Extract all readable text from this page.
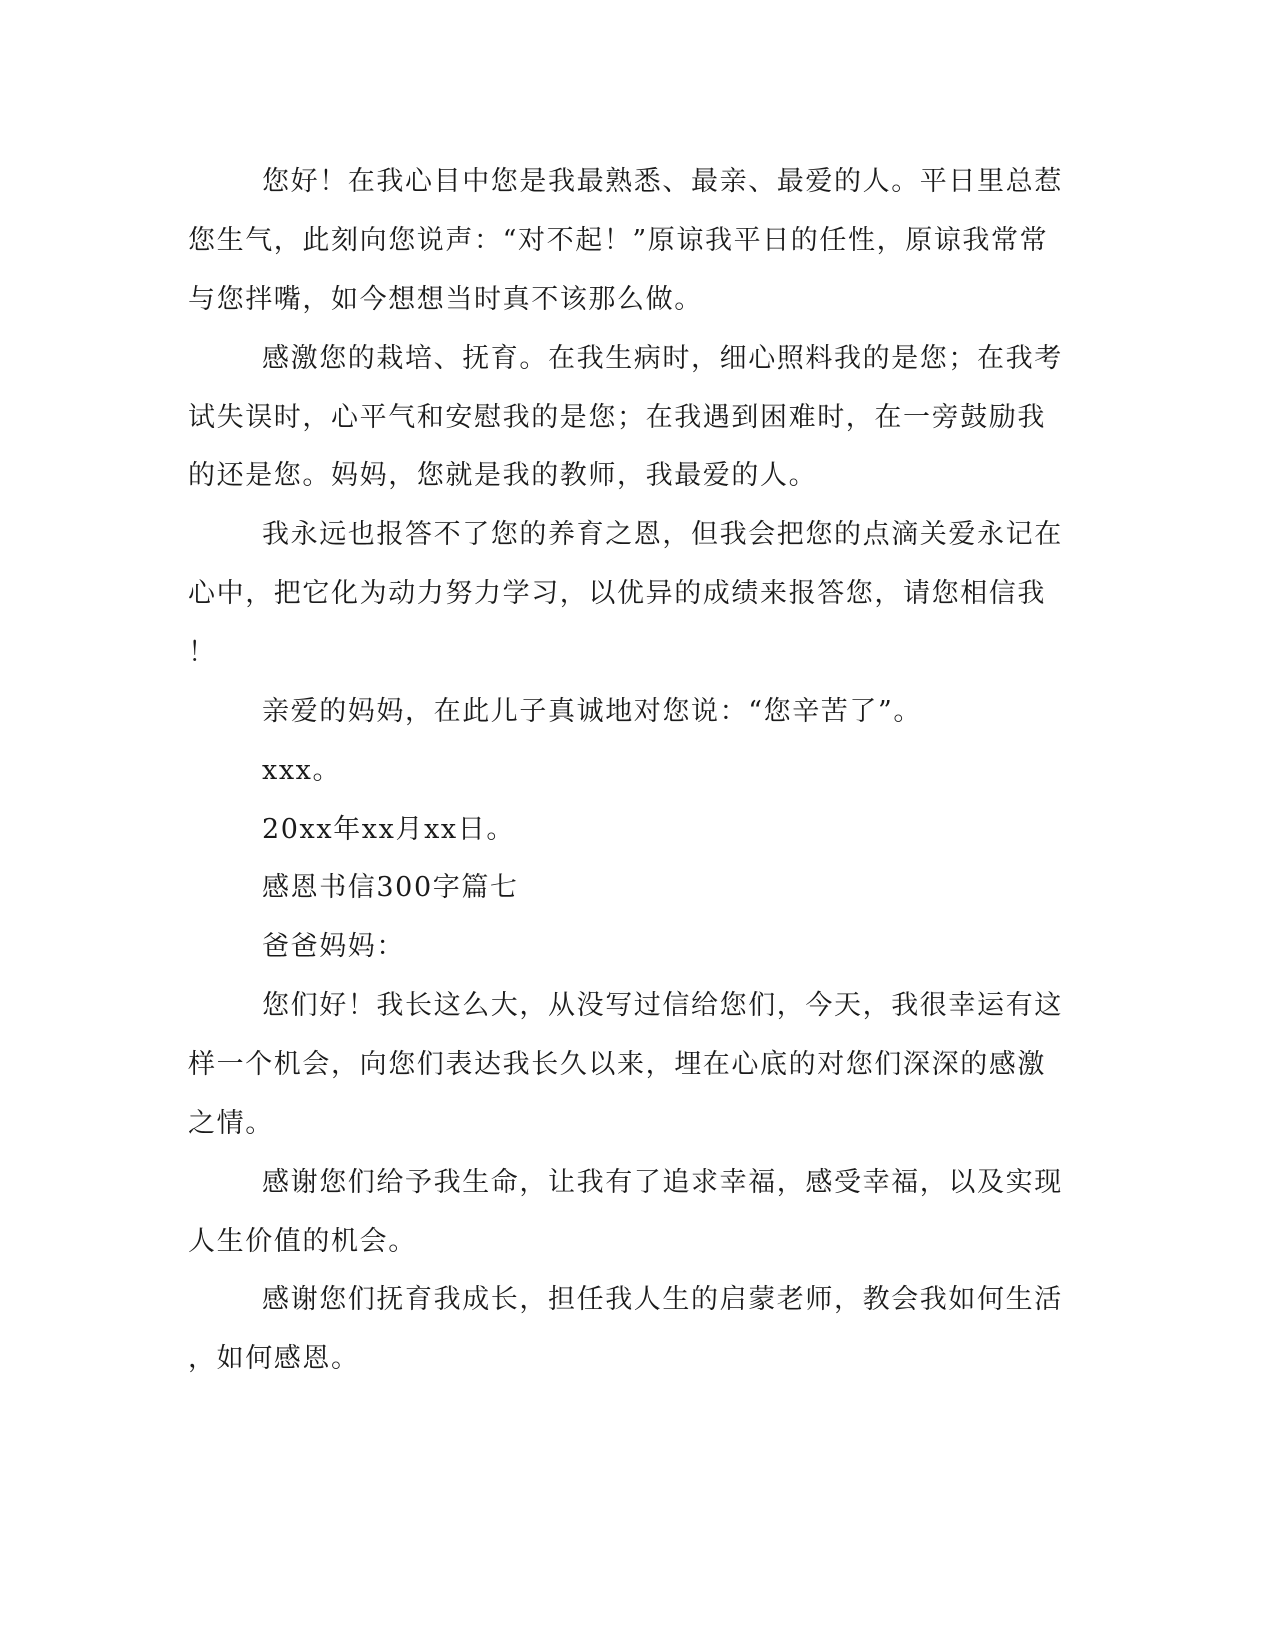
您好！在我心目中您是我最熟悉、最亲、最爱的人。平日里总惹
您生气，此刻向您说声：“对不起！”原谅我平日的任性，原谅我常常
与您拌嘴，如今想想当时真不该那么做。
感激您的栽培、抚育。在我生病时，细心照料我的是您；在我考
试失误时，心平气和安慰我的是您；在我遇到困难时，在一旁鼓励我
的还是您。妈妈，您就是我的教师，我最爱的人。
我永远也报答不了您的养育之恩，但我会把您的点滴关爱永记在
心中，把它化为动力努力学习，以优异的成绩来报答您，请您相信我
！
亲爱的妈妈，在此儿子真诚地对您说：“您辛苦了”。
xxx。
20xx年xx月xx日。
感恩书信300字篇七
爸爸妈妈：
您们好！我长这么大，从没写过信给您们，今天，我很幸运有这
样一个机会，向您们表达我长久以来，埋在心底的对您们深深的感激
之情。
感谢您们给予我生命，让我有了追求幸福，感受幸福，以及实现
人生价值的机会。
感谢您们抚育我成长，担任我人生的启蒙老师，教会我如何生活
，如何感恩。
